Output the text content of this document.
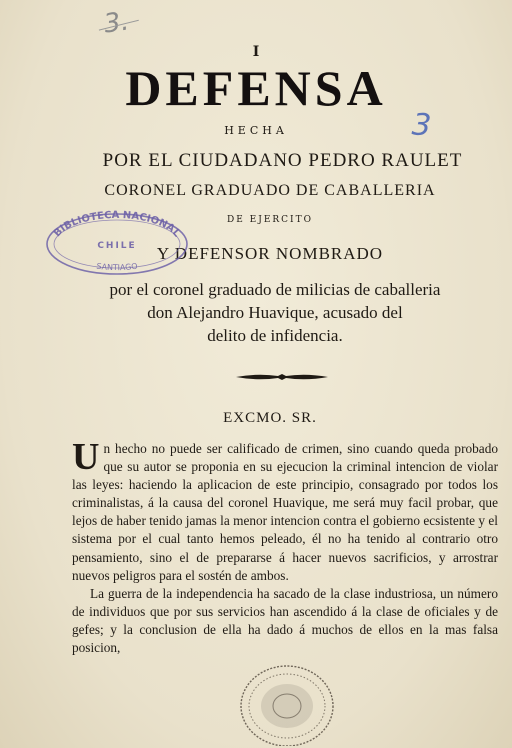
3.
3
I
DEFENSA
HECHA
POR EL CIUDADANO PEDRO RAULET
CORONEL GRADUADO DE CABALLERIA
DE EJERCITO
Y DEFENSOR NOMBRADO
por el coronel graduado de milicias de caballeria
don Alejandro Huavique, acusado del
delito de infidencia.
EXCMO. SR.

U n hecho no puede ser calificado de crimen, sino cuando queda probado que su autor se proponia en su ejecucion la criminal intencion de violar las leyes: haciendo la aplicacion de este principio, consagrado por todos los criminalistas, á la causa del coronel Huavique, me será muy facil probar, que lejos de haber tenido jamas la menor intencion contra el gobierno ecsistente y el sistema por el cual tanto hemos peleado, él no ha tenido al contrario otro pensamiento, sino el de prepararse á hacer nuevos sacrificios, y arrostrar nuevos peligros para el sostén de ambos.

La guerra de la independencia ha sacado de la clase industriosa, un número de individuos que por sus servicios han ascendido á la clase de oficiales y de gefes; y la conclusion de ella ha dado á muchos de ellos en la mas falsa posicion,

BIBLIOTECA NACIONAL
CHILE
SANTIAGO
